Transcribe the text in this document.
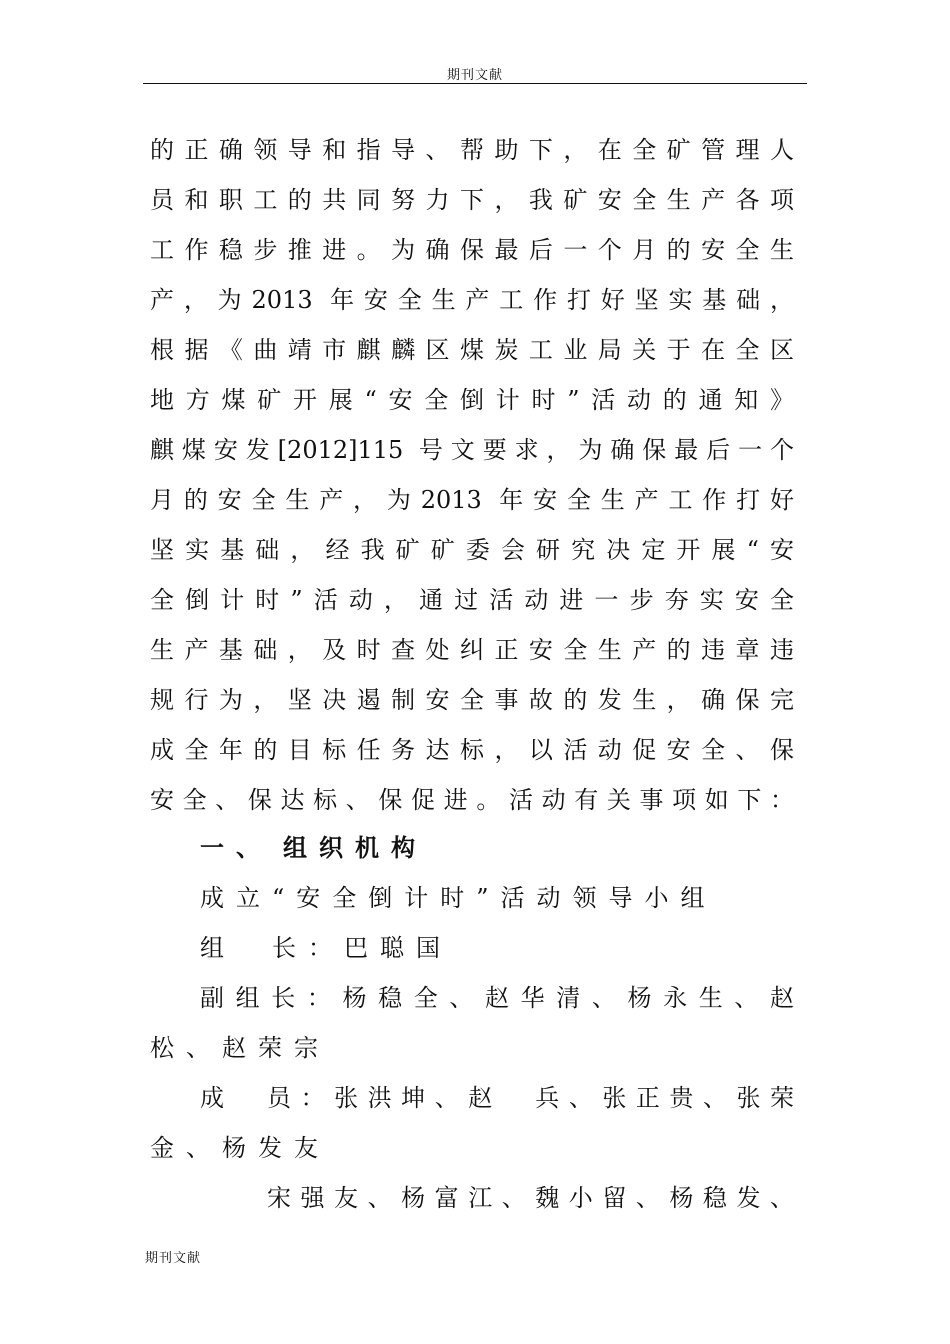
期刊文献
的正确领导和指导、帮助下，在全矿管理人
员和职工的共同努力下，我矿安全生产各项
工作稳步推进。为确保最后一个月的安全生
产，为2013 年安全生产工作打好坚实基础，
根据《曲靖市麒麟区煤炭工业局关于在全区
地方煤矿开展“安全倒计时”活动的通知》
麒煤安发[2012]115 号文要求，为确保最后一个
月的安全生产，为2013 年安全生产工作打好
坚实基础，经我矿矿委会研究决定开展“安
全倒计时”活动，通过活动进一步夯实安全
生产基础，及时查处纠正安全生产的违章违
规行为，坚决遏制安全事故的发生，确保完
成全年的目标任务达标，以活动促安全、保
安全、保达标、保促进。活动有关事项如下：
一、 组织机构
成立“安全倒计时”活动领导小组
组　长：巴聪国
副组长：杨稳全、赵华清、杨永生、赵
松、赵荣宗
成　员：张洪坤、赵　兵、张正贵、张荣
金、杨发友
宋强友、杨富江、魏小留、杨稳发、
期刊文献
